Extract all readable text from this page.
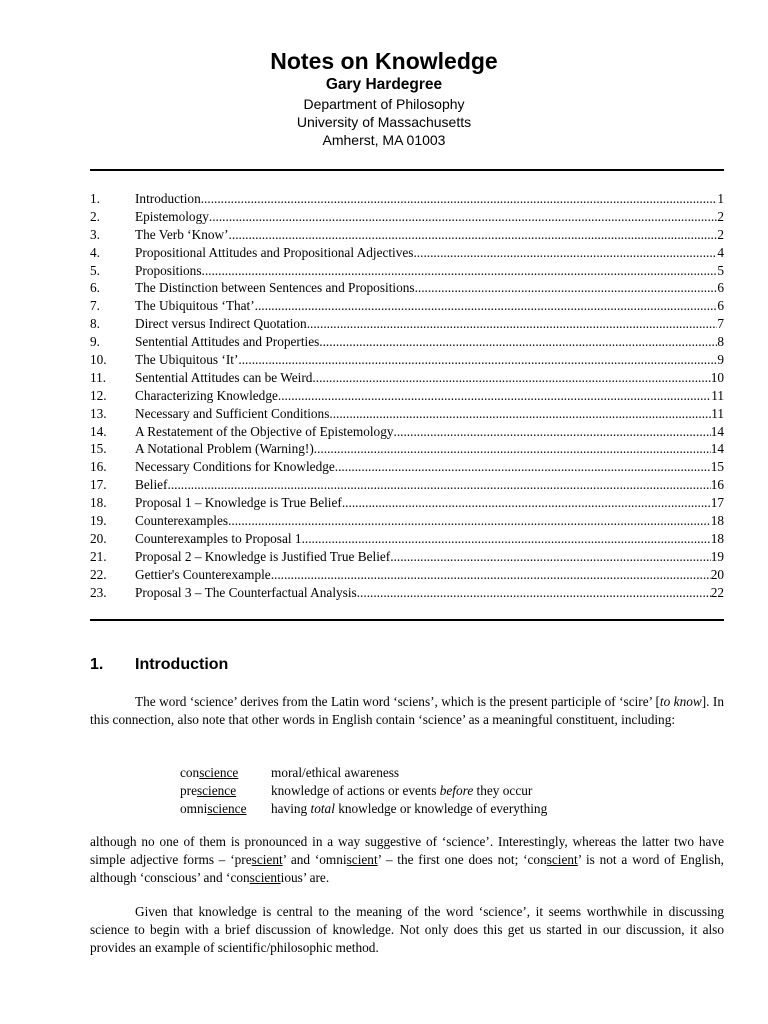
Notes on Knowledge
Gary Hardegree
Department of Philosophy
University of Massachusetts
Amherst, MA 01003
1.	Introduction .....	1
2.	Epistemology .....	2
3.	The Verb ‘Know’ .....	2
4.	Propositional Attitudes and Propositional Adjectives .....	4
5.	Propositions .....	5
6.	The Distinction between Sentences and Propositions .....	6
7.	The Ubiquitous ‘That’ .....	6
8.	Direct versus Indirect Quotation .....	7
9.	Sentential Attitudes and Properties .....	8
10.	The Ubiquitous ‘It’ .....	9
11.	Sentential Attitudes can be Weird .....	10
12.	Characterizing Knowledge .....	11
13.	Necessary and Sufficient Conditions .....	11
14.	A Restatement of the Objective of Epistemology .....	14
15.	A Notational Problem (Warning!) .....	14
16.	Necessary Conditions for Knowledge .....	15
17.	Belief .....	16
18.	Proposal 1 – Knowledge is True Belief .....	17
19.	Counterexamples .....	18
20.	Counterexamples to Proposal 1 .....	18
21.	Proposal 2 – Knowledge is Justified True Belief .....	19
22.	Gettier's Counterexample .....	20
23.	Proposal 3 – The Counterfactual Analysis .....	22
1.	Introduction

The word ‘science’ derives from the Latin word ‘sciens’, which is the present participle of ‘scire’ [to know]. In this connection, also note that other words in English contain ‘science’ as a meaningful constituent, including:

conscience	moral/ethical awareness
prescience	knowledge of actions or events before they occur
omniscience	having total knowledge or knowledge of everything

although no one of them is pronounced in a way suggestive of ‘science’. Interestingly, whereas the latter two have simple adjective forms – ‘prescient’ and ‘omniscient’ – the first one does not; ‘conscient’ is not a word of English, although ‘conscious’ and ‘conscientious’ are.

Given that knowledge is central to the meaning of the word ‘science’, it seems worthwhile in discussing science to begin with a brief discussion of knowledge. Not only does this get us started in our discussion, it also provides an example of scientific/philosophic method.
